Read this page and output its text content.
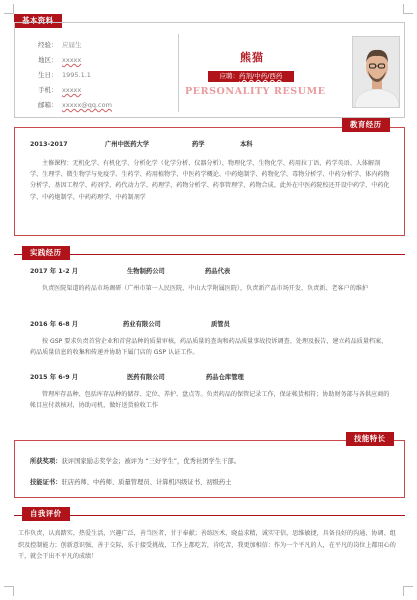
基本资料
经验： 应届生
地区： xxxxx
生日： 1995.1.1
手机： xxxxx
邮箱： xxxxx@qq.com
熊猫
应聘：药剂/中药/西药
PERSONALITY RESUME
教育经历
2013-2017	广州中医药大学	药学	本科
主修课程：无机化学、有机化学、分析化学（化学分析、仪器分析）、物理化学、生物化学、药用拉丁语、药学英语、人体解剖学、生理学、微生物学与免疫学、生药学、药用植物学、中医药学概论、中药炮制学、药物化学、毒物分析学、中药分析学、体内药物分析学、基因工程学、药剂学、药代动力学、药理学、药物分析学、药事管理学、药物合成、此外在中医药院校还开设中药学、中药化学、中药炮制学、中药药理学、中药制剂学
实践经历
2017 年 1-2 月	生物制药公司	药品代表
负责医院渠道的药品市场调研（广州市第一人民医院、中山大学附属医院），负责新产品市场开发、负责新、老客户的维护
2016 年 6-8 月	药业有限公司	质管员
按 GSP 要求负责首营企业和首营品种的质量审核，药品质量的查询和药品质量事故投诉调查、处理及报告，建立药品质量档案，药品质量信息的收集和传递并协助下属门店的 GSP 认证工作。
2015 年 6-9 月	医药有限公司	药品仓库管理
管理库存品种、包括库存品种的储存、定位、养护、盘点等。负责药品的保管记录工作，保证帐货相符；协助财务部与各供应商的帐目应付款核对，协助司机，做好送货验收工作
技能特长
所获奖项：获评国家励志奖学金；被评为 “三好学生”，优秀社团学生干部。
技能证书：驻店药师、中药师、质量管理员、计算机四级证书、初级药士
自我评价
工作负责，认真踏实，热爱生活，兴趣广泛，善当医者，甘于奉献；善练医术，晓益求精，诚实守信，思维敏捷，具备良好的沟通、协调、组织及控制能力；创新意识强，善于交际，乐于接受挑战，工作上都吃苦，肯吃苦，我更加相信：作为一个平凡的人，在平凡的岗位上都用心的干，就会干出不平凡的成绩！
